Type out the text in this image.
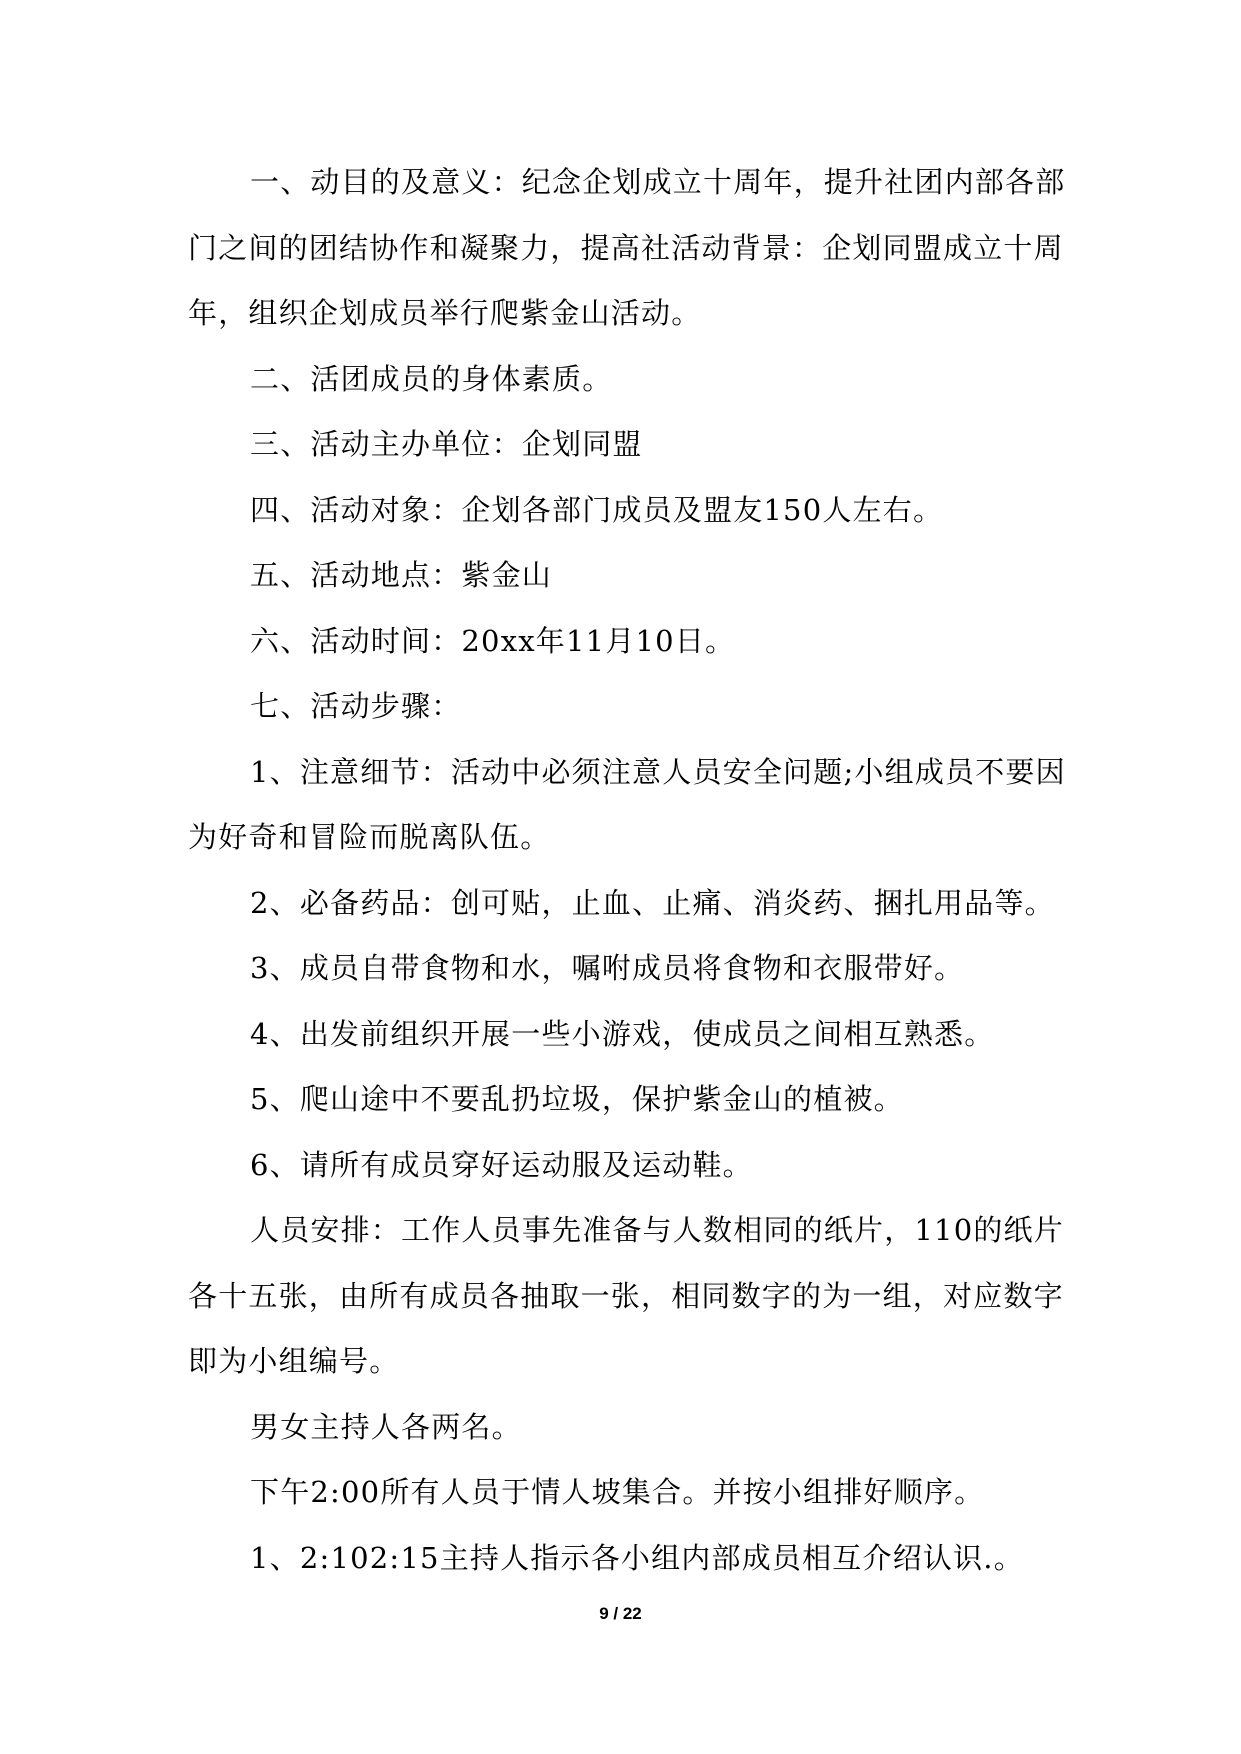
一、动目的及意义：纪念企划成立十周年，提升社团内部各部门之间的团结协作和凝聚力，提高社活动背景：企划同盟成立十周年，组织企划成员举行爬紫金山活动。

二、活团成员的身体素质。

三、活动主办单位：企划同盟

四、活动对象：企划各部门成员及盟友150人左右。

五、活动地点：紫金山

六、活动时间：20xx年11月10日。

七、活动步骤：

1、注意细节：活动中必须注意人员安全问题;小组成员不要因为好奇和冒险而脱离队伍。

2、必备药品：创可贴，止血、止痛、消炎药、捆扎用品等。

3、成员自带食物和水，嘱咐成员将食物和衣服带好。

4、出发前组织开展一些小游戏，使成员之间相互熟悉。

5、爬山途中不要乱扔垃圾，保护紫金山的植被。

6、请所有成员穿好运动服及运动鞋。

人员安排：工作人员事先准备与人数相同的纸片，110的纸片各十五张，由所有成员各抽取一张，相同数字的为一组，对应数字即为小组编号。

男女主持人各两名。

下午2:00所有人员于情人坡集合。并按小组排好顺序。

1、2:102:15主持人指示各小组内部成员相互介绍认识.。

9 / 22
